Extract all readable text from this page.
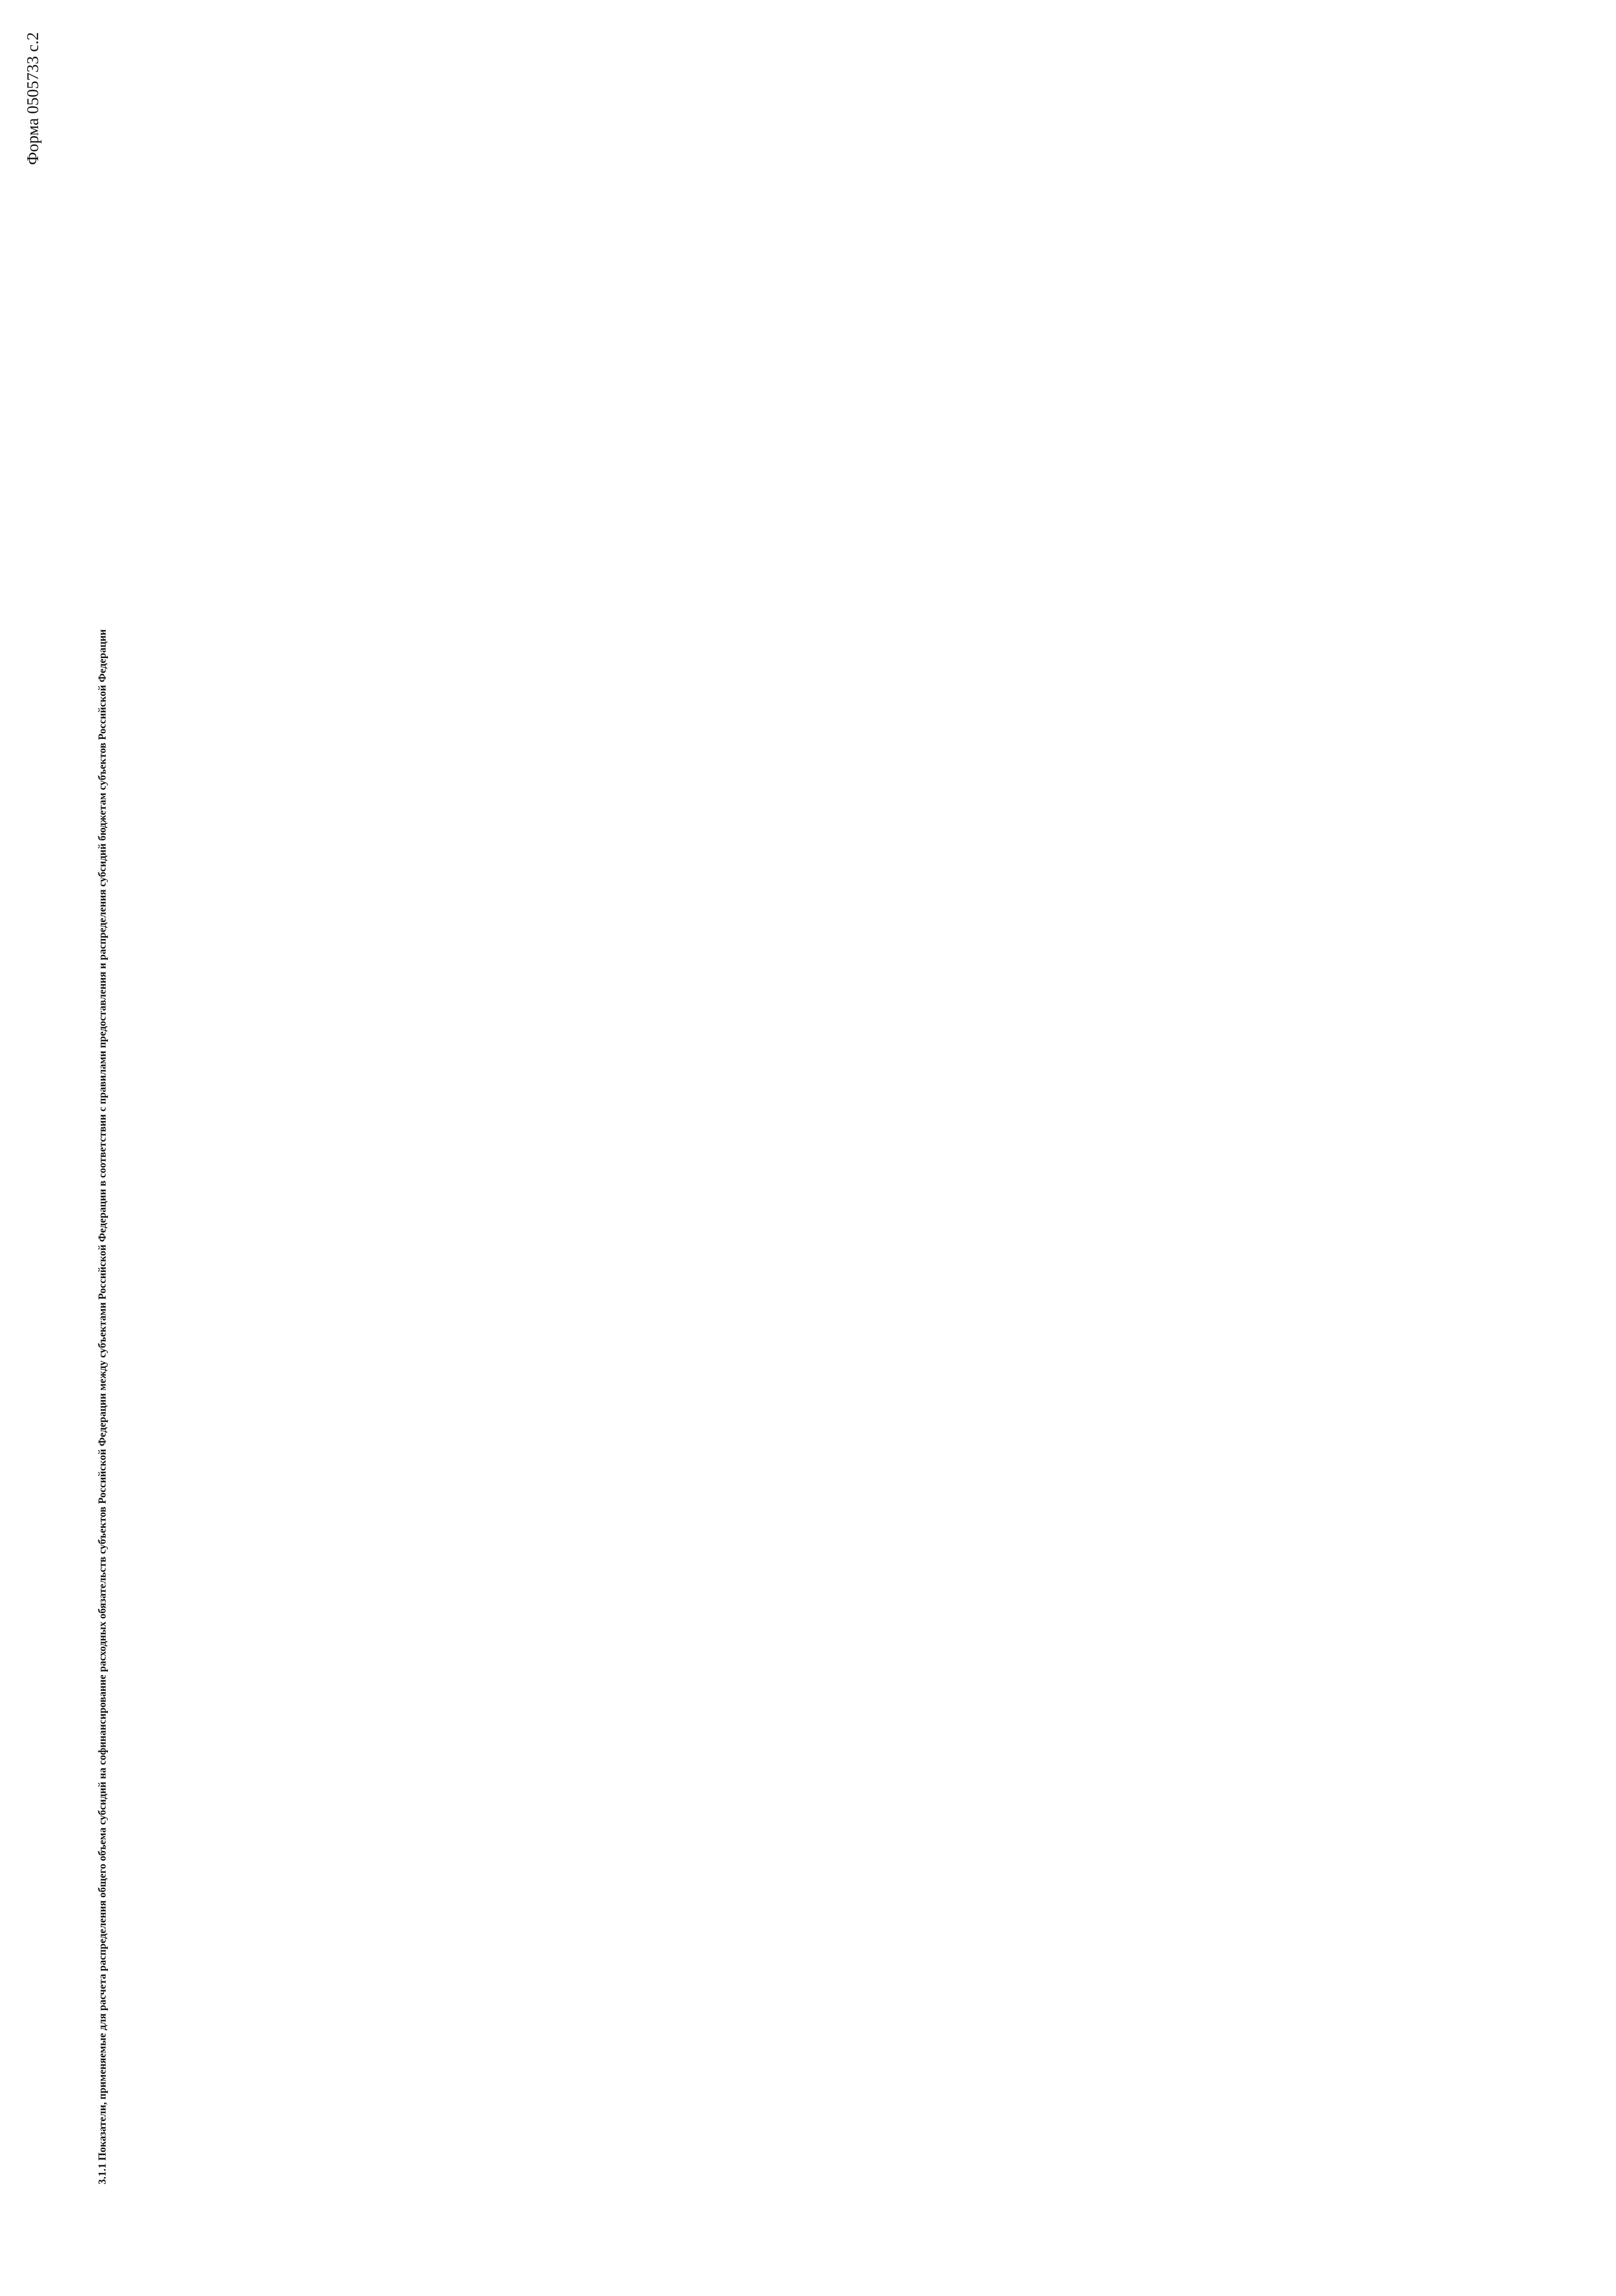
Форма 0505733 с.2
3.1.1 Показатели, применяемые для расчета распределения общего объема субсидий на софинансирование расходных обязательств субъектов Российской Федерации между субъектами Российской Федерации в соответствии с правилами предоставления и распределения субсидий бюджетам субъектов Российской Федерации
